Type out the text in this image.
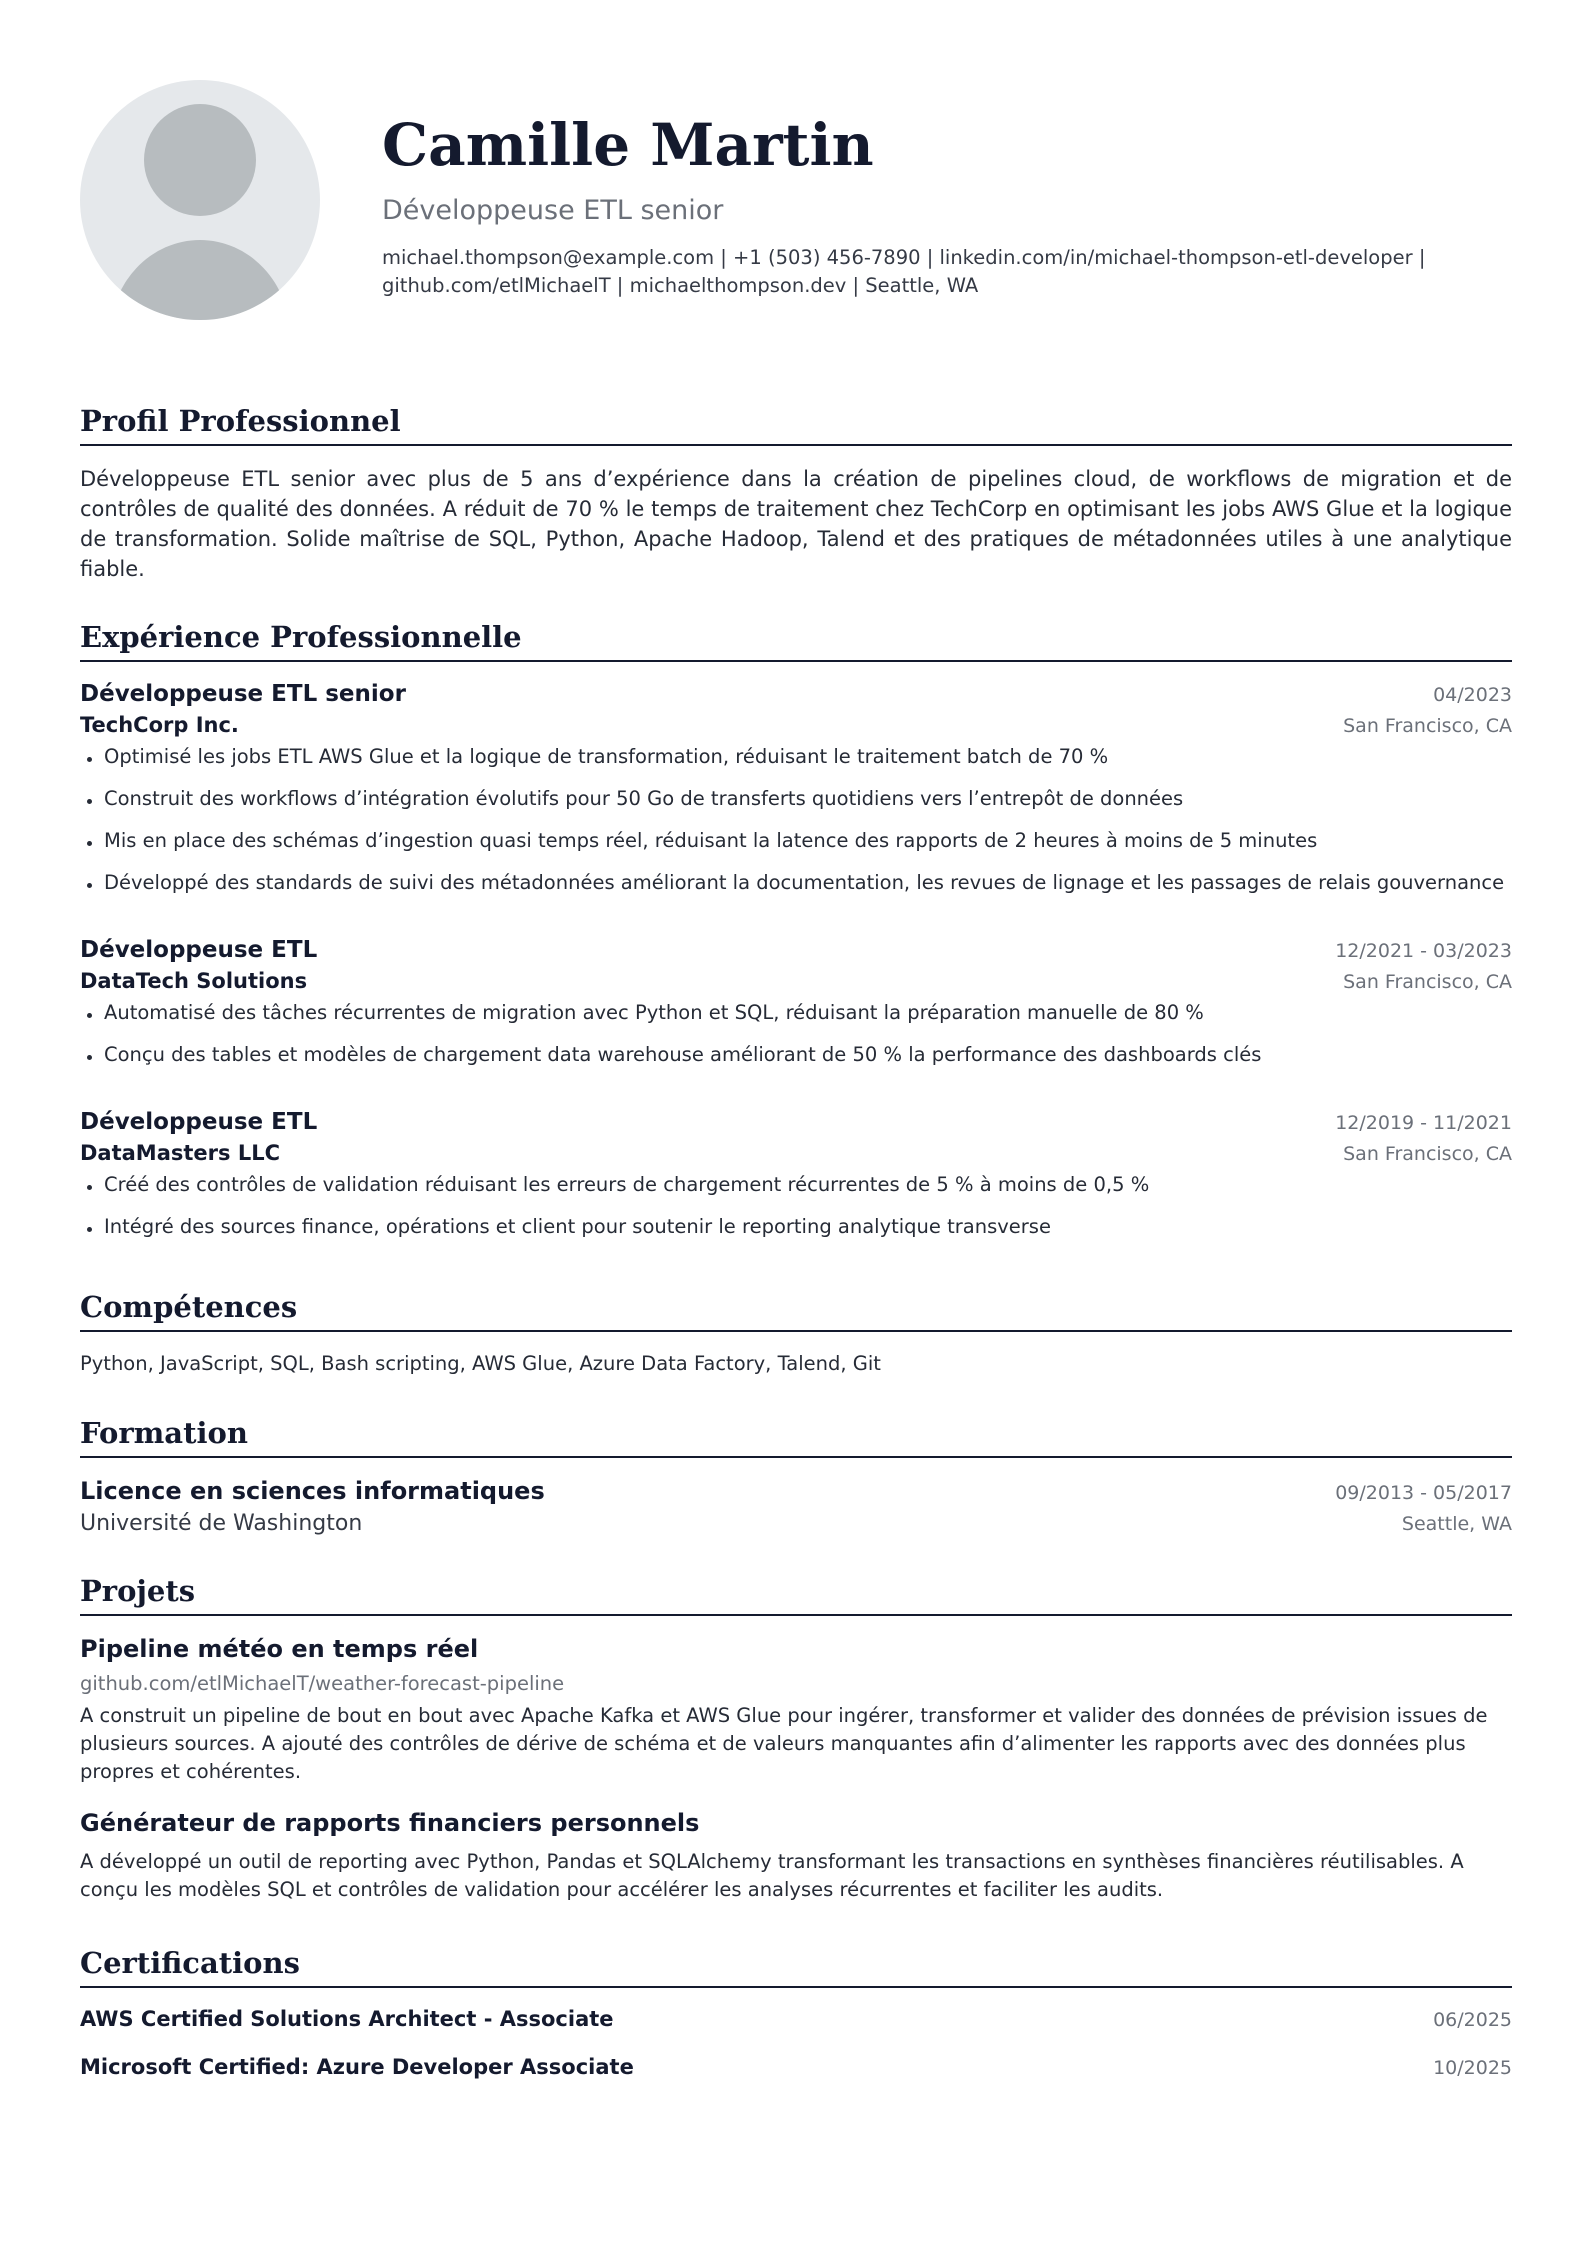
Camille Martin
Développeuse ETL senior
michael.thompson@example.com | +1 (503) 456-7890 | linkedin.com/in/michael-thompson-etl-developer |
github.com/etlMichaelT | michaelthompson.dev | Seattle, WA
Profil Professionnel
Développeuse ETL senior avec plus de 5 ans d’expérience dans la création de pipelines cloud, de workflows de migration et de contrôles de qualité des données. A réduit de 70 % le temps de traitement chez TechCorp en optimisant les jobs AWS Glue et la logique de transformation. Solide maîtrise de SQL, Python, Apache Hadoop, Talend et des pratiques de métadonnées utiles à une analytique fiable.
Expérience Professionnelle
Développeuse ETL senior	04/2023
TechCorp Inc.	San Francisco, CA
Optimisé les jobs ETL AWS Glue et la logique de transformation, réduisant le traitement batch de 70 %
Construit des workflows d’intégration évolutifs pour 50 Go de transferts quotidiens vers l’entrepôt de données
Mis en place des schémas d’ingestion quasi temps réel, réduisant la latence des rapports de 2 heures à moins de 5 minutes
Développé des standards de suivi des métadonnées améliorant la documentation, les revues de lignage et les passages de relais gouvernance
Développeuse ETL	12/2021 - 03/2023
DataTech Solutions	San Francisco, CA
Automatisé des tâches récurrentes de migration avec Python et SQL, réduisant la préparation manuelle de 80 %
Conçu des tables et modèles de chargement data warehouse améliorant de 50 % la performance des dashboards clés
Développeuse ETL	12/2019 - 11/2021
DataMasters LLC	San Francisco, CA
Créé des contrôles de validation réduisant les erreurs de chargement récurrentes de 5 % à moins de 0,5 %
Intégré des sources finance, opérations et client pour soutenir le reporting analytique transverse
Compétences
Python, JavaScript, SQL, Bash scripting, AWS Glue, Azure Data Factory, Talend, Git
Formation
Licence en sciences informatiques	09/2013 - 05/2017
Université de Washington	Seattle, WA
Projets
Pipeline météo en temps réel
github.com/etlMichaelT/weather-forecast-pipeline
A construit un pipeline de bout en bout avec Apache Kafka et AWS Glue pour ingérer, transformer et valider des données de prévision issues de plusieurs sources. A ajouté des contrôles de dérive de schéma et de valeurs manquantes afin d’alimenter les rapports avec des données plus propres et cohérentes.
Générateur de rapports financiers personnels
A développé un outil de reporting avec Python, Pandas et SQLAlchemy transformant les transactions en synthèses financières réutilisables. A conçu les modèles SQL et contrôles de validation pour accélérer les analyses récurrentes et faciliter les audits.
Certifications
AWS Certified Solutions Architect - Associate	06/2025
Microsoft Certified: Azure Developer Associate	10/2025
